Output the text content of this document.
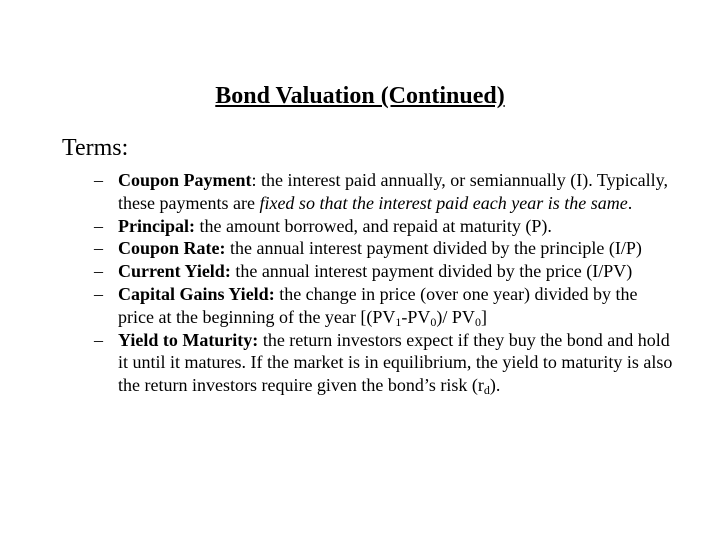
Bond Valuation (Continued)
Terms:
– Coupon Payment: the interest paid annually, or semiannually (I). Typically, these payments are fixed so that the interest paid each year is the same.
– Principal: the amount borrowed, and repaid at maturity (P).
– Coupon Rate: the annual interest payment divided by the principle (I/P)
– Current Yield: the annual interest payment divided by the price (I/PV)
– Capital Gains Yield: the change in price (over one year) divided by the price at the beginning of the year [$(PV_1-PV_0)/$ $PV_0$]
– Yield to Maturity: the return investors expect if they buy the bond and hold it until it matures. If the market is in equilibrium, the yield to maturity is also the return investors require given the bond’s risk $(r_d)$.
